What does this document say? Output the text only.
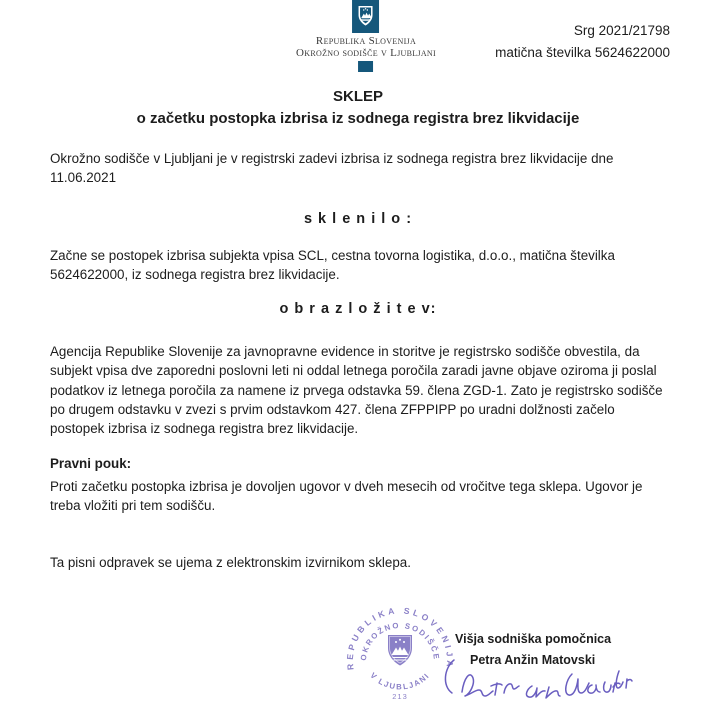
Republika Slovenija
Okrožno sodišče v Ljubljani
Srg 2021/21798
matična številka 5624622000
SKLEP
o začetku postopka izbrisa iz sodnega registra brez likvidacije
Okrožno sodišče v Ljubljani je v registrski zadevi izbrisa iz sodnega registra brez likvidacije dne 11.06.2021
s k l e n i l o :
Začne se postopek izbrisa subjekta vpisa SCL, cestna tovorna logistika, d.o.o., matična številka 5624622000, iz sodnega registra brez likvidacije.
o b r a z l o ž i t e v:
Agencija Republike Slovenije za javnopravne evidence in storitve je registrsko sodišče obvestila, da subjekt vpisa dve zaporedni poslovni leti ni oddal letnega poročila zaradi javne objave oziroma ji poslal podatkov iz letnega poročila za namene iz prvega odstavka 59. člena ZGD-1. Zato je registrsko sodišče po drugem odstavku v zvezi s prvim odstavkom 427. člena ZFPPIPP po uradni dolžnosti začelo postopek izbrisa iz sodnega registra brez likvidacije.
Pravni pouk:
Proti začetku postopka izbrisa je dovoljen ugovor v dveh mesecih od vročitve tega sklepa. Ugovor je treba vložiti pri tem sodišču.
Ta pisni odpravek se ujema z elektronskim izvirnikom sklepa.
Višja sodniška pomočnica
Petra Anžin Matovski
REPUBLIKA SLOVENIJA
OKROŽNO SODIŠČE
V LJUBLJANI
213
